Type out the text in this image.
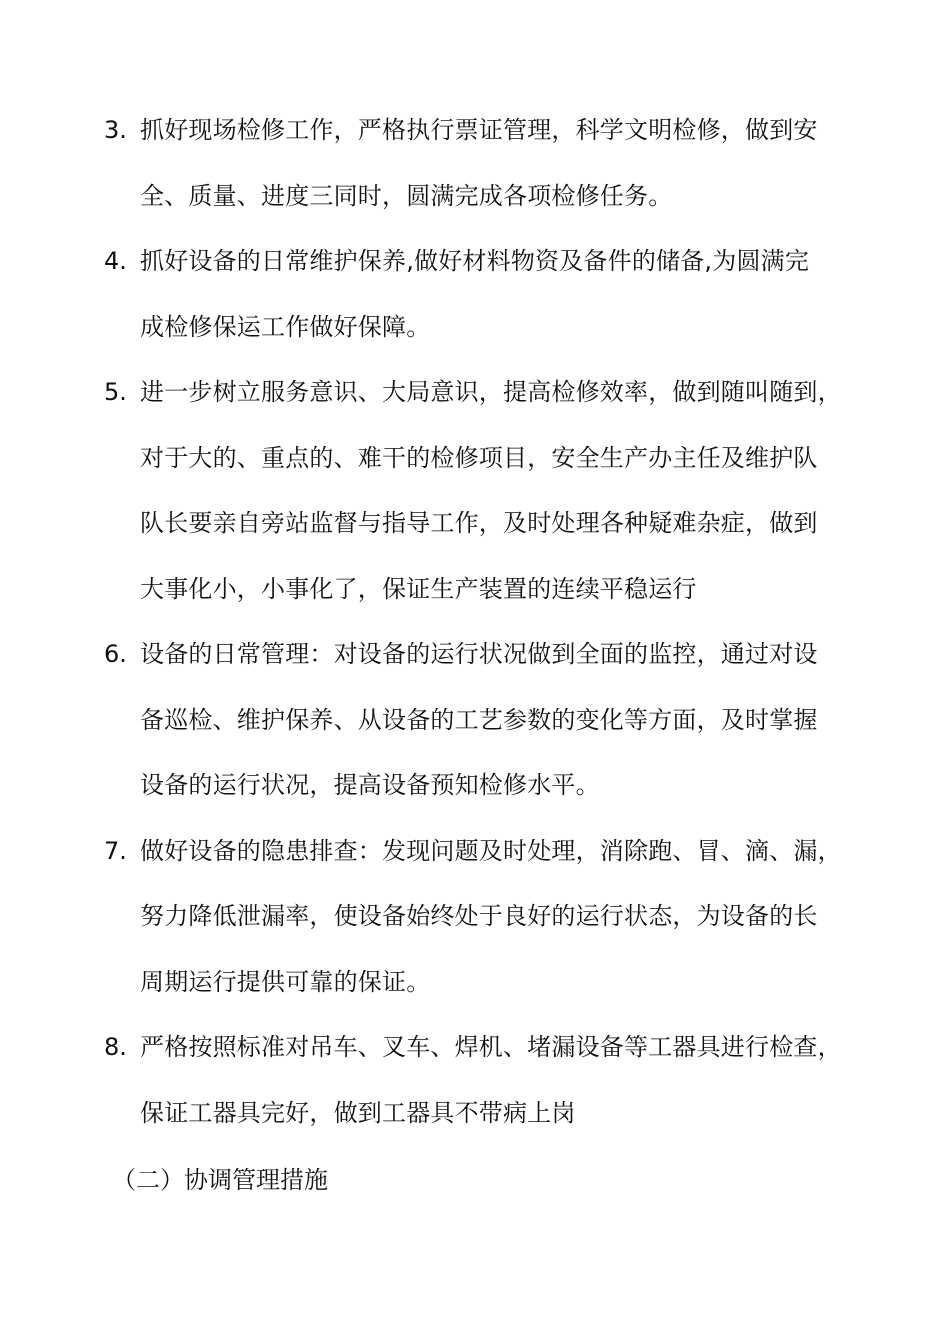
3. 抓好现场检修工作，严格执行票证管理，科学文明检修，做到安
全、质量、进度三同时，圆满完成各项检修任务。
4. 抓好设备的日常维护保养,做好材料物资及备件的储备,为圆满完
成检修保运工作做好保障。
5. 进一步树立服务意识、大局意识，提高检修效率，做到随叫随到，
对于大的、重点的、难干的检修项目，安全生产办主任及维护队
队长要亲自旁站监督与指导工作，及时处理各种疑难杂症，做到
大事化小，小事化了，保证生产装置的连续平稳运行
6. 设备的日常管理：对设备的运行状况做到全面的监控，通过对设
备巡检、维护保养、从设备的工艺参数的变化等方面，及时掌握
设备的运行状况，提高设备预知检修水平。
7. 做好设备的隐患排查：发现问题及时处理，消除跑、冒、滴、漏，
努力降低泄漏率，使设备始终处于良好的运行状态，为设备的长
周期运行提供可靠的保证。
8. 严格按照标准对吊车、叉车、焊机、堵漏设备等工器具进行检查，
保证工器具完好，做到工器具不带病上岗
（二）协调管理措施
